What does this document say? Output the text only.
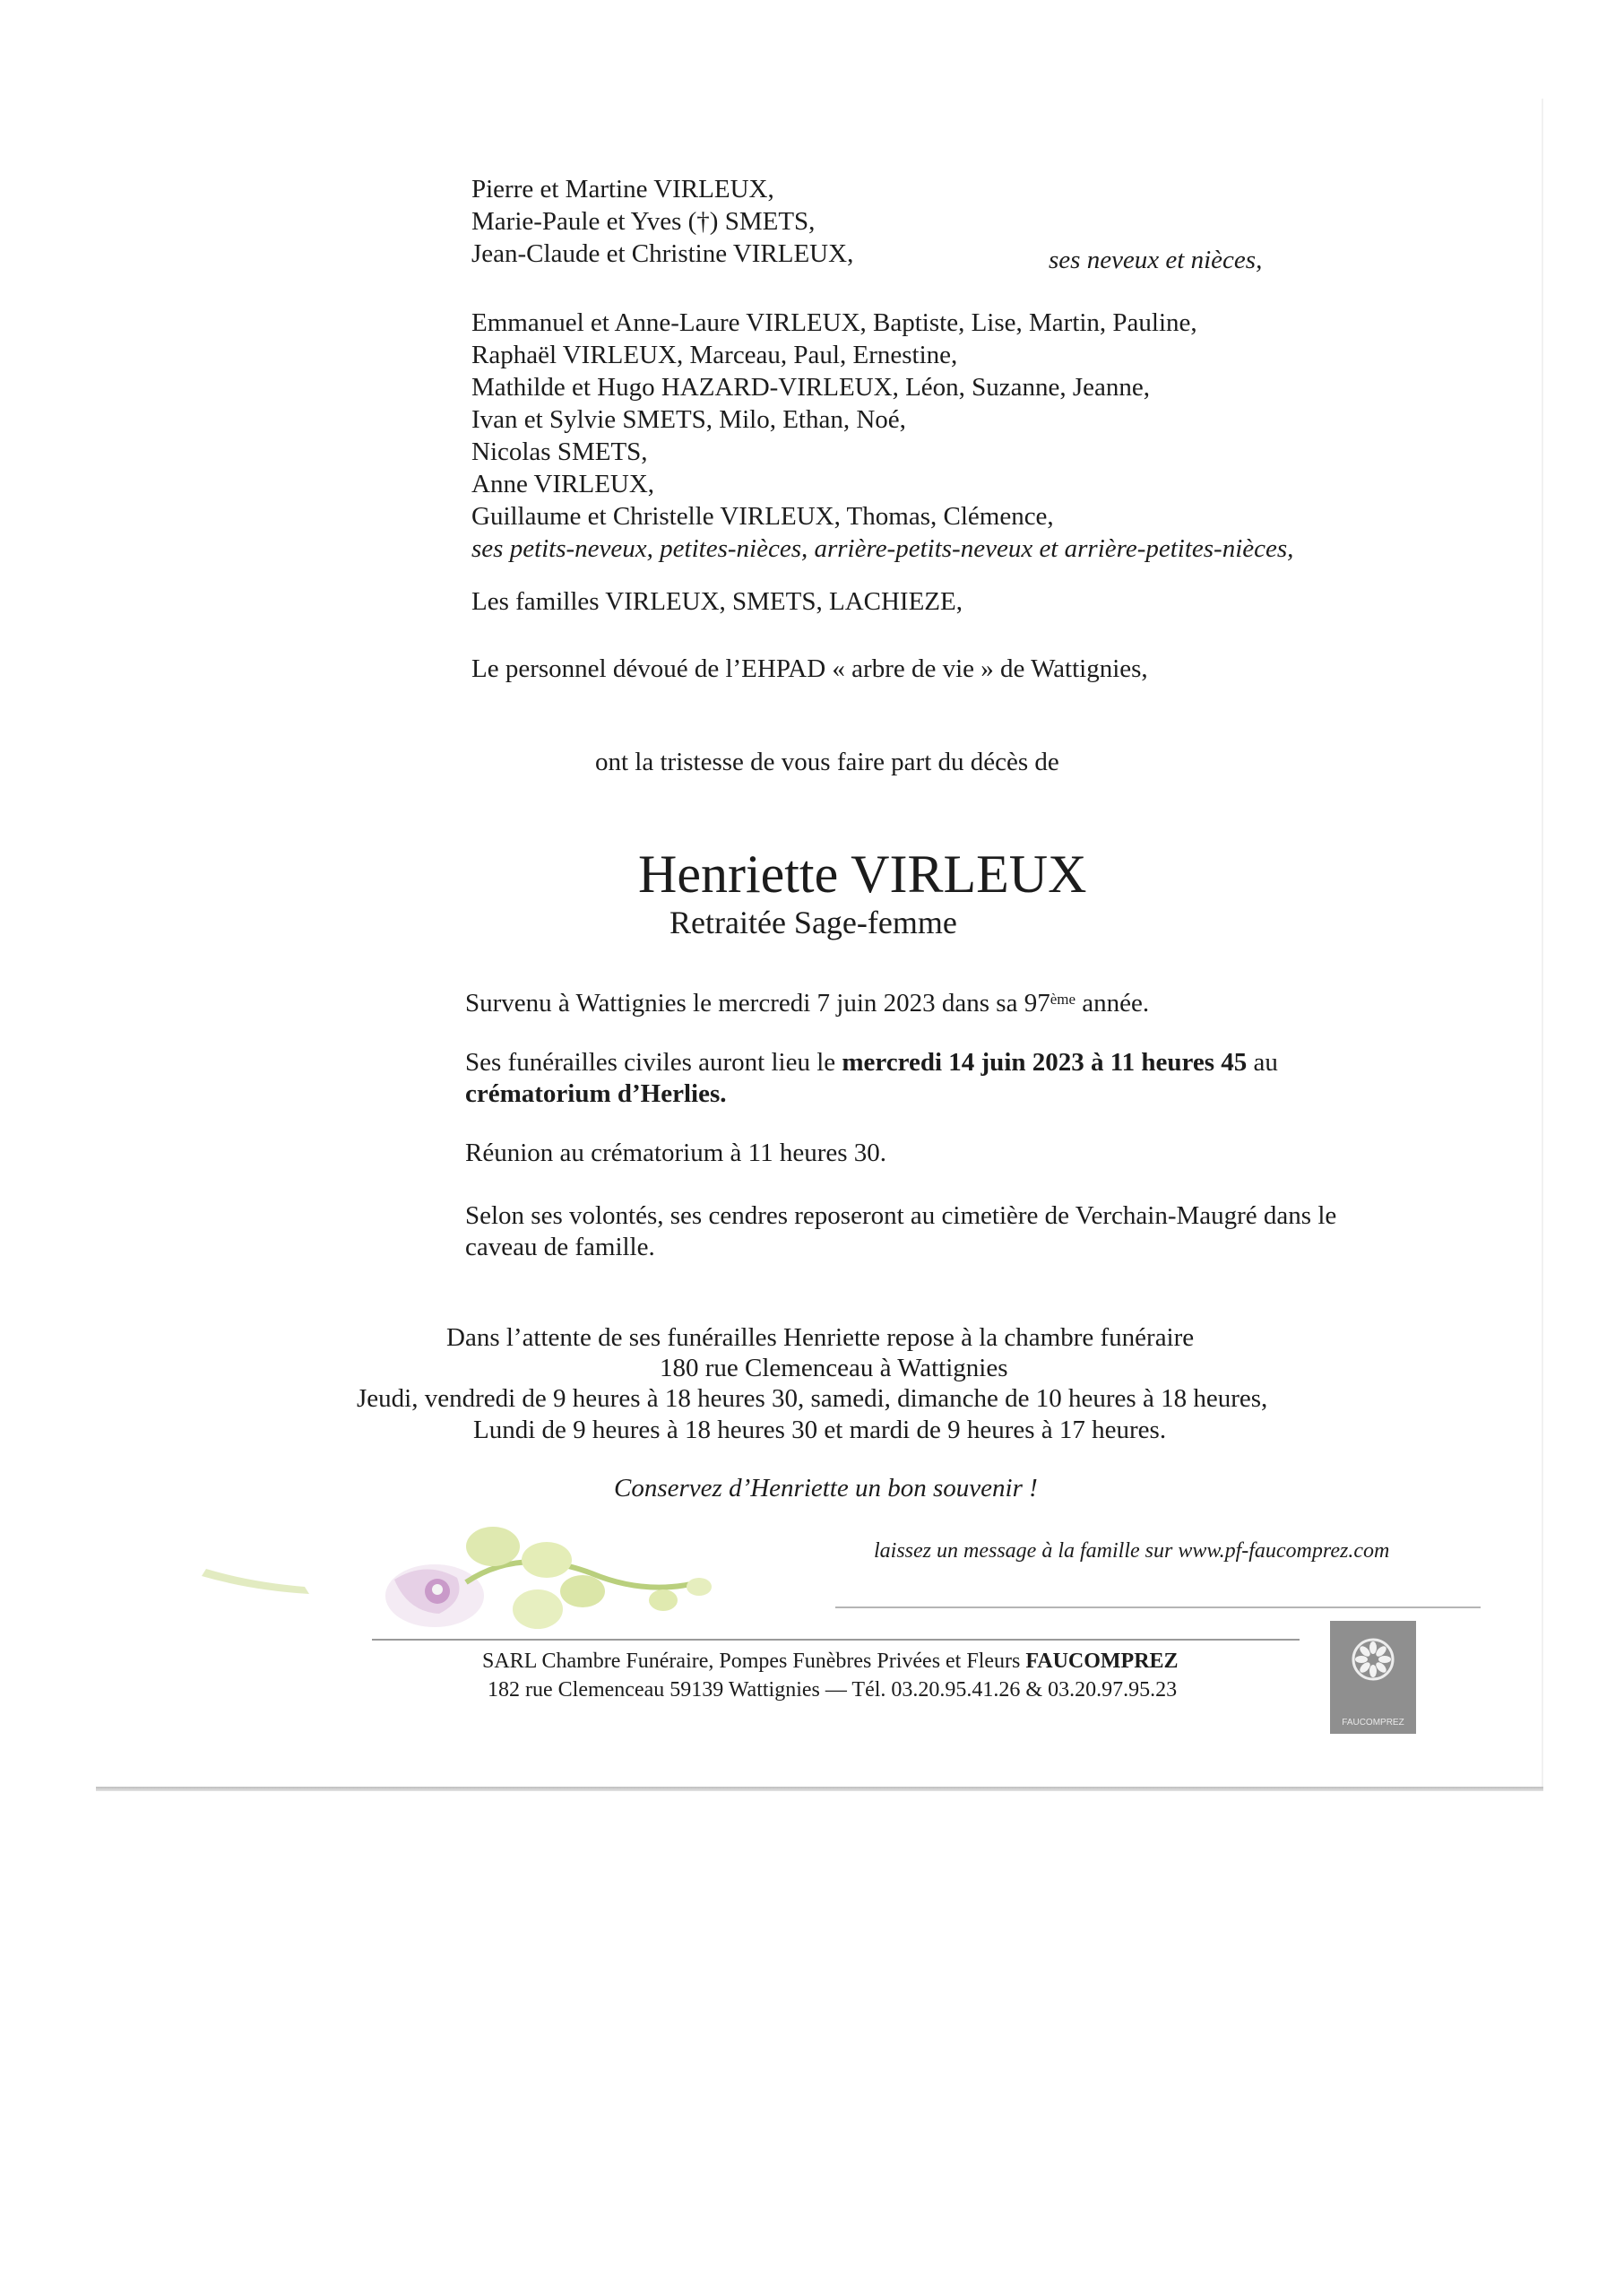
Pierre et Martine VIRLEUX,
Marie-Paule et Yves (†) SMETS,
Jean-Claude et Christine VIRLEUX,	ses neveux et nièces,
Emmanuel et Anne-Laure VIRLEUX, Baptiste, Lise, Martin, Pauline,
Raphaël VIRLEUX, Marceau, Paul, Ernestine,
Mathilde et Hugo HAZARD-VIRLEUX, Léon, Suzanne, Jeanne,
Ivan et Sylvie SMETS, Milo, Ethan, Noé,
Nicolas SMETS,
Anne VIRLEUX,
Guillaume et Christelle VIRLEUX, Thomas, Clémence,
ses petits-neveux, petites-nièces, arrière-petits-neveux et arrière-petites-nièces,
Les familles VIRLEUX, SMETS, LACHIEZE,
Le personnel dévoué de l’EHPAD « arbre de vie » de Wattignies,
ont la tristesse de vous faire part du décès de
Henriette VIRLEUX
Retraitée Sage-femme
Survenu à Wattignies le mercredi 7 juin 2023 dans sa 97ème année.
Ses funérailles civiles auront lieu le mercredi 14 juin 2023 à 11 heures 45 au
crématorium d’Herlies.
Réunion au crématorium à 11 heures 30.
Selon ses volontés, ses cendres reposeront au cimetière de Verchain-Maugré dans le
caveau de famille.
Dans l’attente de ses funérailles Henriette repose à la chambre funéraire
180 rue Clemenceau à Wattignies
Jeudi, vendredi de 9 heures à 18 heures 30, samedi, dimanche de 10 heures à 18 heures,
Lundi de 9 heures à 18 heures 30 et mardi de 9 heures à 17 heures.
Conservez d’Henriette un bon souvenir !
laissez un message à la famille sur www.pf-faucomprez.com
SARL Chambre Funéraire, Pompes Funèbres Privées et Fleurs FAUCOMPREZ
182 rue Clemenceau 59139 Wattignies — Tél. 03.20.95.41.26 & 03.20.97.95.23
FAUCOMPREZ
